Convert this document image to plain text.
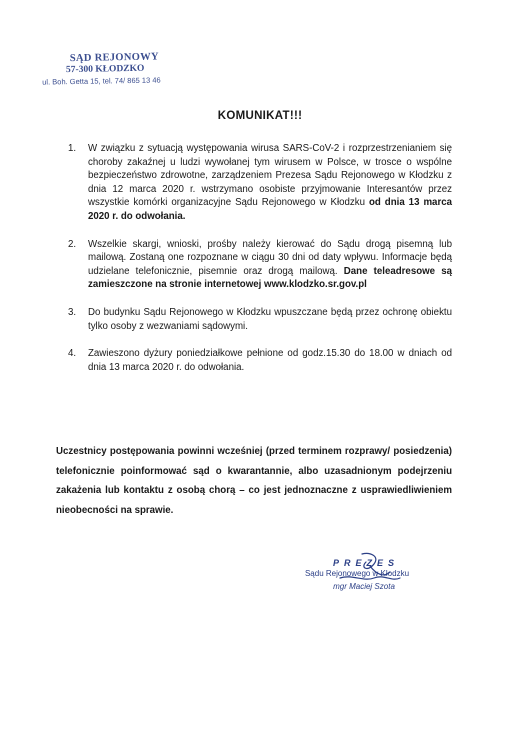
SĄD REJONOWY
57-300 KŁODZKO
ul. Boh. Getta 15, tel. 74/ 865 13 46
KOMUNIKAT!!!
1. W związku z sytuacją występowania wirusa SARS-CoV-2 i rozprzestrzenianiem się choroby zakaźnej u ludzi wywołanej tym wirusem w Polsce, w trosce o wspólne bezpieczeństwo zdrowotne, zarządzeniem Prezesa Sądu Rejonowego w Kłodzku z dnia 12 marca 2020 r. wstrzymano osobiste przyjmowanie Interesantów przez wszystkie komórki organizacyjne Sądu Rejonowego w Kłodzku od dnia 13 marca 2020 r. do odwołania.
2. Wszelkie skargi, wnioski, prośby należy kierować do Sądu drogą pisemną lub mailową. Zostaną one rozpoznane w ciągu 30 dni od daty wpływu. Informacje będą udzielane telefonicznie, pisemnie oraz drogą mailową. Dane teleadresowe są zamieszczone na stronie internetowej www.klodzko.sr.gov.pl
3. Do budynku Sądu Rejonowego w Kłodzku wpuszczane będą przez ochronę obiektu tylko osoby z wezwaniami sądowymi.
4. Zawieszono dyżury poniedziałkowe pełnione od godz.15.30 do 18.00 w dniach od dnia 13 marca 2020 r. do odwołania.
Uczestnicy postępowania powinni wcześniej (przed terminem rozprawy/ posiedzenia) telefonicznie poinformować sąd o kwarantannie, albo uzasadnionym podejrzeniu zakażenia lub kontaktu z osobą chorą – co jest jednoznaczne z usprawiedliwieniem nieobecności na sprawie.
PREZES
Sądu Rejonowego w Kłodzku
mgr Maciej Szota
